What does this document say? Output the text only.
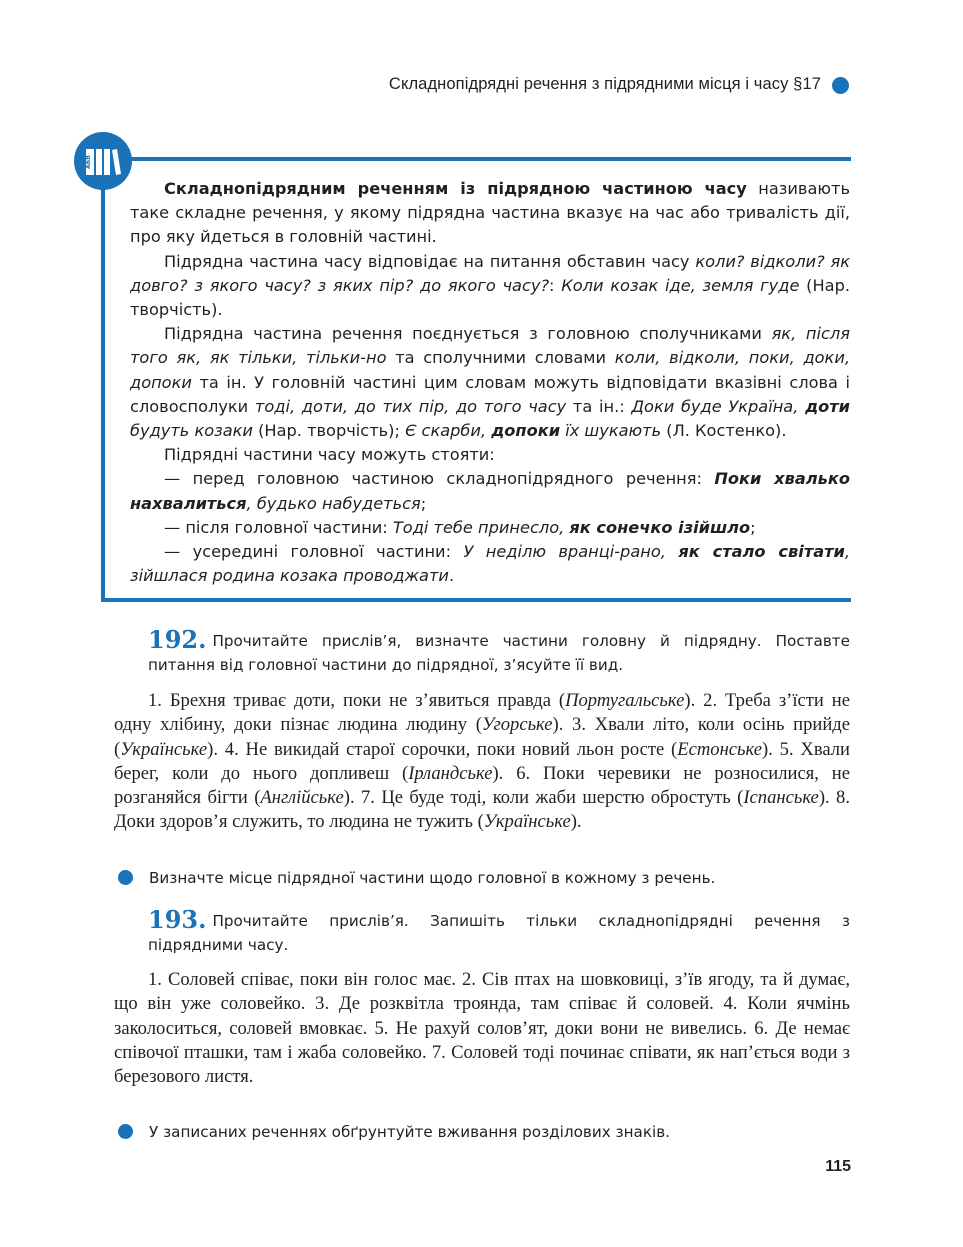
Складнопідрядні речення з підрядними місця і часу §17
АБВ

Складнопідрядним реченням із підрядною частиною часу називають таке складне речення, у якому підрядна частина вказує на час або тривалість дії, про яку йдеться в головній частині.

Підрядна частина часу відповідає на питання обставин часу коли? відколи? як довго? з якого часу? з яких пір? до якого часу?: Коли козак іде, земля гуде (Нар. творчість).

Підрядна частина речення поєднується з головною сполучниками як, після того як, як тільки, тільки-но та сполучними словами коли, відколи, поки, доки, допоки та ін. У головній частині цим словам можуть відповідати вказівні слова і словосполуки тоді, доти, до тих пір, до того часу та ін.: Доки буде Україна, доти будуть козаки (Нар. творчість); Є скарби, допоки їх шукають (Л. Костенко).

Підрядні частини часу можуть стояти:

— перед головною частиною складнопідрядного речення: Поки хвалько нахвалиться, будько набудеться;

— після головної частини: Тоді тебе принесло, як сонечко ізійшло;

— усередині головної частини: У неділю вранці-рано, як стало світати, зійшлася родина козака проводжати.

192. Прочитайте прислів’я, визначте частини головну й підрядну. Поставте питання від головної частини до підрядної, з’ясуйте її вид.
1. Брехня триває доти, поки не з’явиться правда (Португальське). 2. Треба з’їсти не одну хлібину, доки пізнає людина людину (Угорське). 3. Хвали літо, коли осінь прийде (Українське). 4. Не викидай старої сорочки, поки новий льон росте (Естонське). 5. Хвали берег, коли до нього допливеш (Ірландське). 6. Поки черевики не розносилися, не розганяйся бігти (Англійське). 7. Це буде тоді, коли жаби шерстю обростуть (Іспанське). 8. Доки здоров’я служить, то людина не тужить (Українське).
Визначте місце підрядної частини щодо головної в кожному з речень.
193. Прочитайте прислів’я. Запишіть тільки складнопідрядні речення з підрядними часу.
1. Соловей співає, поки він голос має. 2. Сів птах на шовковиці, з’їв ягоду, та й думає, що він уже соловейко. 3. Де розквітла троянда, там співає й соловей. 4. Коли ячмінь заколоситься, соловей вмовкає. 5. Не рахуй солов’ят, доки вони не вивелись. 6. Де немає співочої пташки, там і жаба соловейко. 7. Соловей тоді починає співати, як нап’ється води з березового листя.
У записаних реченнях обґрунтуйте вживання розділових знаків.
115
